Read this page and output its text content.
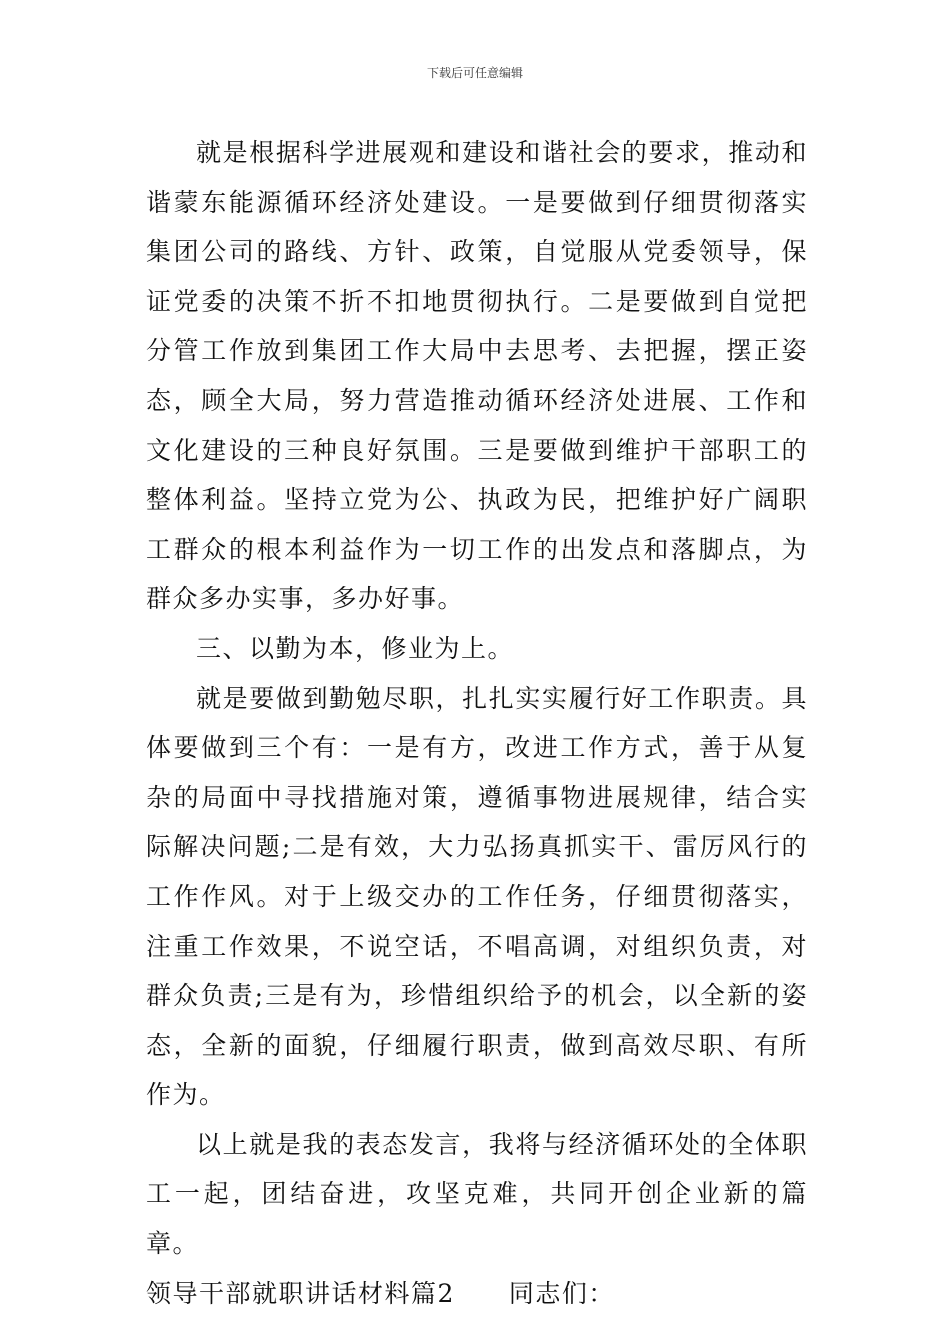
下载后可任意编辑

就是根据科学进展观和建设和谐社会的要求，推动和谐蒙东能源循环经济处建设。一是要做到仔细贯彻落实集团公司的路线、方针、政策，自觉服从党委领导，保证党委的决策不折不扣地贯彻执行。二是要做到自觉把分管工作放到集团工作大局中去思考、去把握，摆正姿态，顾全大局，努力营造推动循环经济处进展、工作和文化建设的三种良好氛围。三是要做到维护干部职工的整体利益。坚持立党为公、执政为民，把维护好广阔职工群众的根本利益作为一切工作的出发点和落脚点，为群众多办实事，多办好事。

三、以勤为本，修业为上。

就是要做到勤勉尽职，扎扎实实履行好工作职责。具体要做到三个有：一是有方，改进工作方式，善于从复杂的局面中寻找措施对策，遵循事物进展规律，结合实际解决问题;二是有效，大力弘扬真抓实干、雷厉风行的工作作风。对于上级交办的工作任务，仔细贯彻落实，注重工作效果，不说空话，不唱高调，对组织负责，对群众负责;三是有为，珍惜组织给予的机会，以全新的姿态，全新的面貌，仔细履行职责，做到高效尽职、有所作为。

以上就是我的表态发言，我将与经济循环处的全体职工一起，团结奋进，攻坚克难，共同开创企业新的篇章。

领导干部就职讲话材料篇2 同志们：
